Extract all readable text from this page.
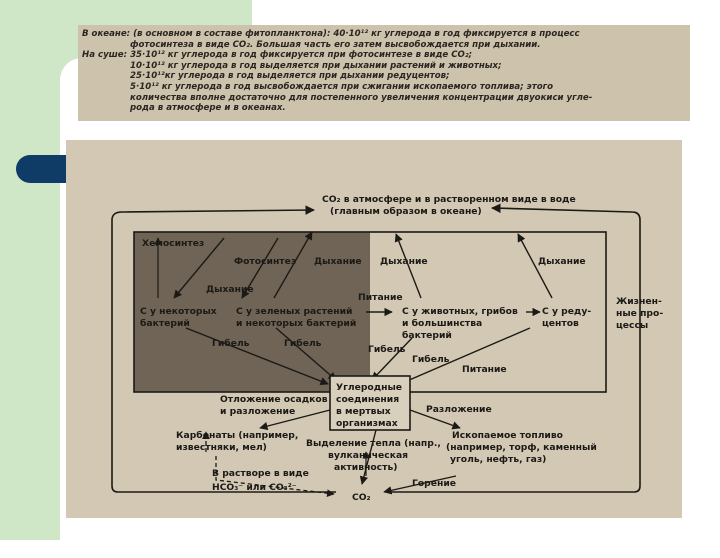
В океане: (в основном в составе фитопланктона): 40·10¹² кг углерода в год фиксируется в процесс
фотосинтеза в виде CO₂. Большая часть его затем высвобождается при дыхании.
На суше: 35·10¹² кг углерода в год фиксируется при фотосинтезе в виде CO₂;
10·10¹² кг углерода в год выделяется при дыхании растений и животных;
25·10¹²кг углерода в год выделяется при дыхании редуцентов;
5·10¹² кг углерода в год высвобождается при сжигании ископаемого топлива; этого
количества вполне достаточно для постепенного увеличения концентрации двуокиси угле-
рода в атмосфере и в океанах.
CO₂ в атмосфере и в растворенном виде в воде
(главным образом в океане)
Хемосинтез
Фотосинтез Дыхание
Дыхание
Дыхание	Дыхание
С у некоторых
бактерий
С у зеленых растений
и некоторых бактерий
Питание
С у животных, грибов
и большинства
бактерий
С у реду-
центов
Жизнен-
ные про-
цессы
Гибель	Гибель
Гибель
Гибель
Питание
Углеродные
соединения
в мертвых
организмах
Отложение осадков
и разложение	Разложение
Карбонаты (например,
известняки, мел)	Выделение тепла (напр.,
вулканическая
активность)
Ископаемое топливо
(например, торф, каменный
уголь, нефть, газ)
В растворе в виде
HCO₃⁻ или CO₃²⁻	Горение
CO₂
